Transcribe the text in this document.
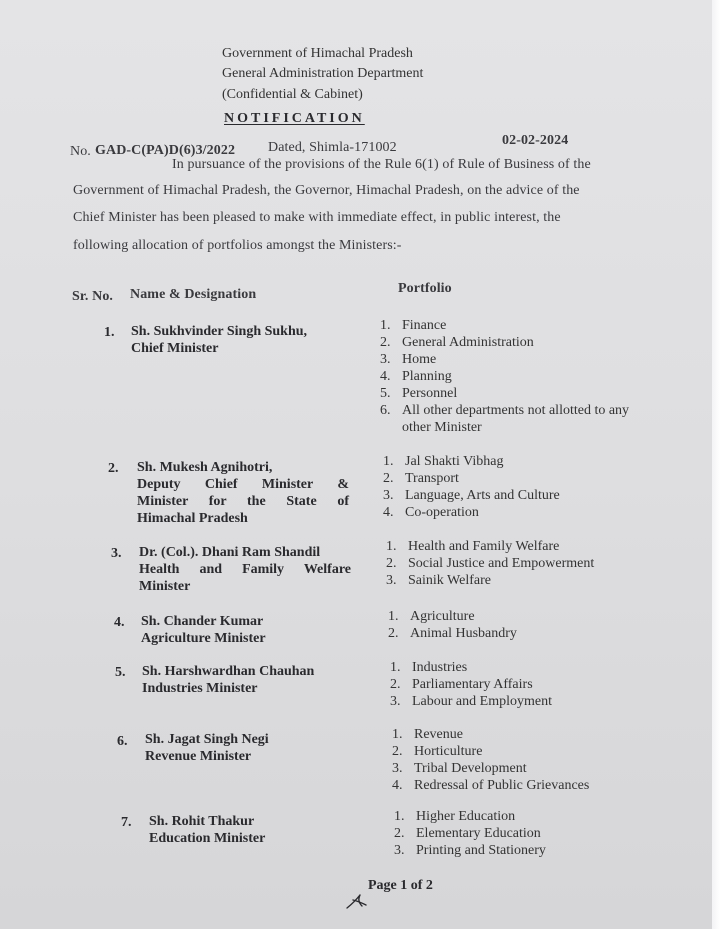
Government of Himachal Pradesh
General Administration Department
(Confidential & Cabinet)
NOTIFICATION
No. GAD-C(PA)D(6)3/2022 Dated, Shimla-171002	02-02-2024
In pursuance of the provisions of the Rule 6(1) of Rule of Business of the
Government of Himachal Pradesh, the Governor, Himachal Pradesh, on the advice of the
Chief Minister has been pleased to make with immediate effect, in public interest, the
following allocation of portfolios amongst the Ministers:-
Sr. No. Name & Designation	Portfolio
1. Sh. Sukhvinder Singh Sukhu,
Chief Minister
1. Finance
2. General Administration
3. Home
4. Planning
5. Personnel
6. All other departments not allotted to any
other Minister
2. Sh. Mukesh Agnihotri,
Deputy Chief Minister &
Minister for the State of
Himachal Pradesh
1. Jal Shakti Vibhag
2. Transport
3. Language, Arts and Culture
4. Co-operation
3. Dr. (Col.). Dhani Ram Shandil
Health and Family Welfare
Minister
1. Health and Family Welfare
2. Social Justice and Empowerment
3. Sainik Welfare
4. Sh. Chander Kumar
Agriculture Minister
1. Agriculture
2. Animal Husbandry
5. Sh. Harshwardhan Chauhan
Industries Minister
1. Industries
2. Parliamentary Affairs
3. Labour and Employment
6. Sh. Jagat Singh Negi
Revenue Minister
1. Revenue
2. Horticulture
3. Tribal Development
4. Redressal of Public Grievances
7. Sh. Rohit Thakur
Education Minister
1. Higher Education
2. Elementary Education
3. Printing and Stationery
Page 1 of 2
